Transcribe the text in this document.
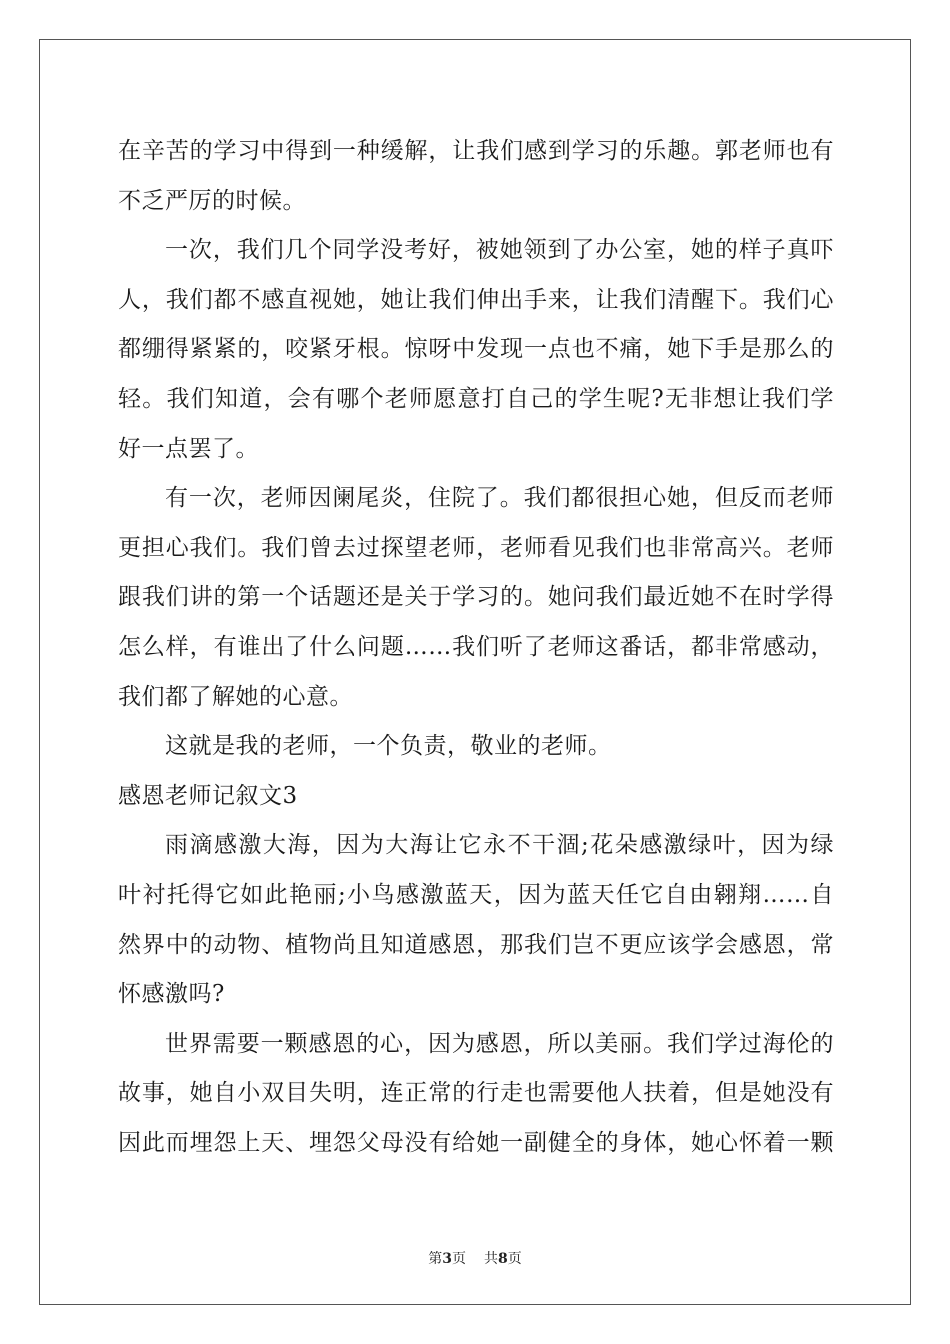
在辛苦的学习中得到一种缓解，让我们感到学习的乐趣。郭老师也有
不乏严厉的时候。
一次，我们几个同学没考好，被她领到了办公室，她的样子真吓
人，我们都不感直视她，她让我们伸出手来，让我们清醒下。我们心
都绷得紧紧的，咬紧牙根。惊呀中发现一点也不痛，她下手是那么的
轻。我们知道，会有哪个老师愿意打自己的学生呢?无非想让我们学
好一点罢了。
有一次，老师因阑尾炎，住院了。我们都很担心她，但反而老师
更担心我们。我们曾去过探望老师，老师看见我们也非常高兴。老师
跟我们讲的第一个话题还是关于学习的。她问我们最近她不在时学得
怎么样，有谁出了什么问题……我们听了老师这番话，都非常感动，
我们都了解她的心意。
这就是我的老师，一个负责，敬业的老师。
感恩老师记叙文3
雨滴感激大海，因为大海让它永不干涸;花朵感激绿叶，因为绿
叶衬托得它如此艳丽;小鸟感激蓝天，因为蓝天任它自由翱翔……自
然界中的动物、植物尚且知道感恩，那我们岂不更应该学会感恩，常
怀感激吗?
世界需要一颗感恩的心，因为感恩，所以美丽。我们学过海伦的
故事，她自小双目失明，连正常的行走也需要他人扶着，但是她没有
因此而埋怨上天、埋怨父母没有给她一副健全的身体，她心怀着一颗
第3页 共8页
